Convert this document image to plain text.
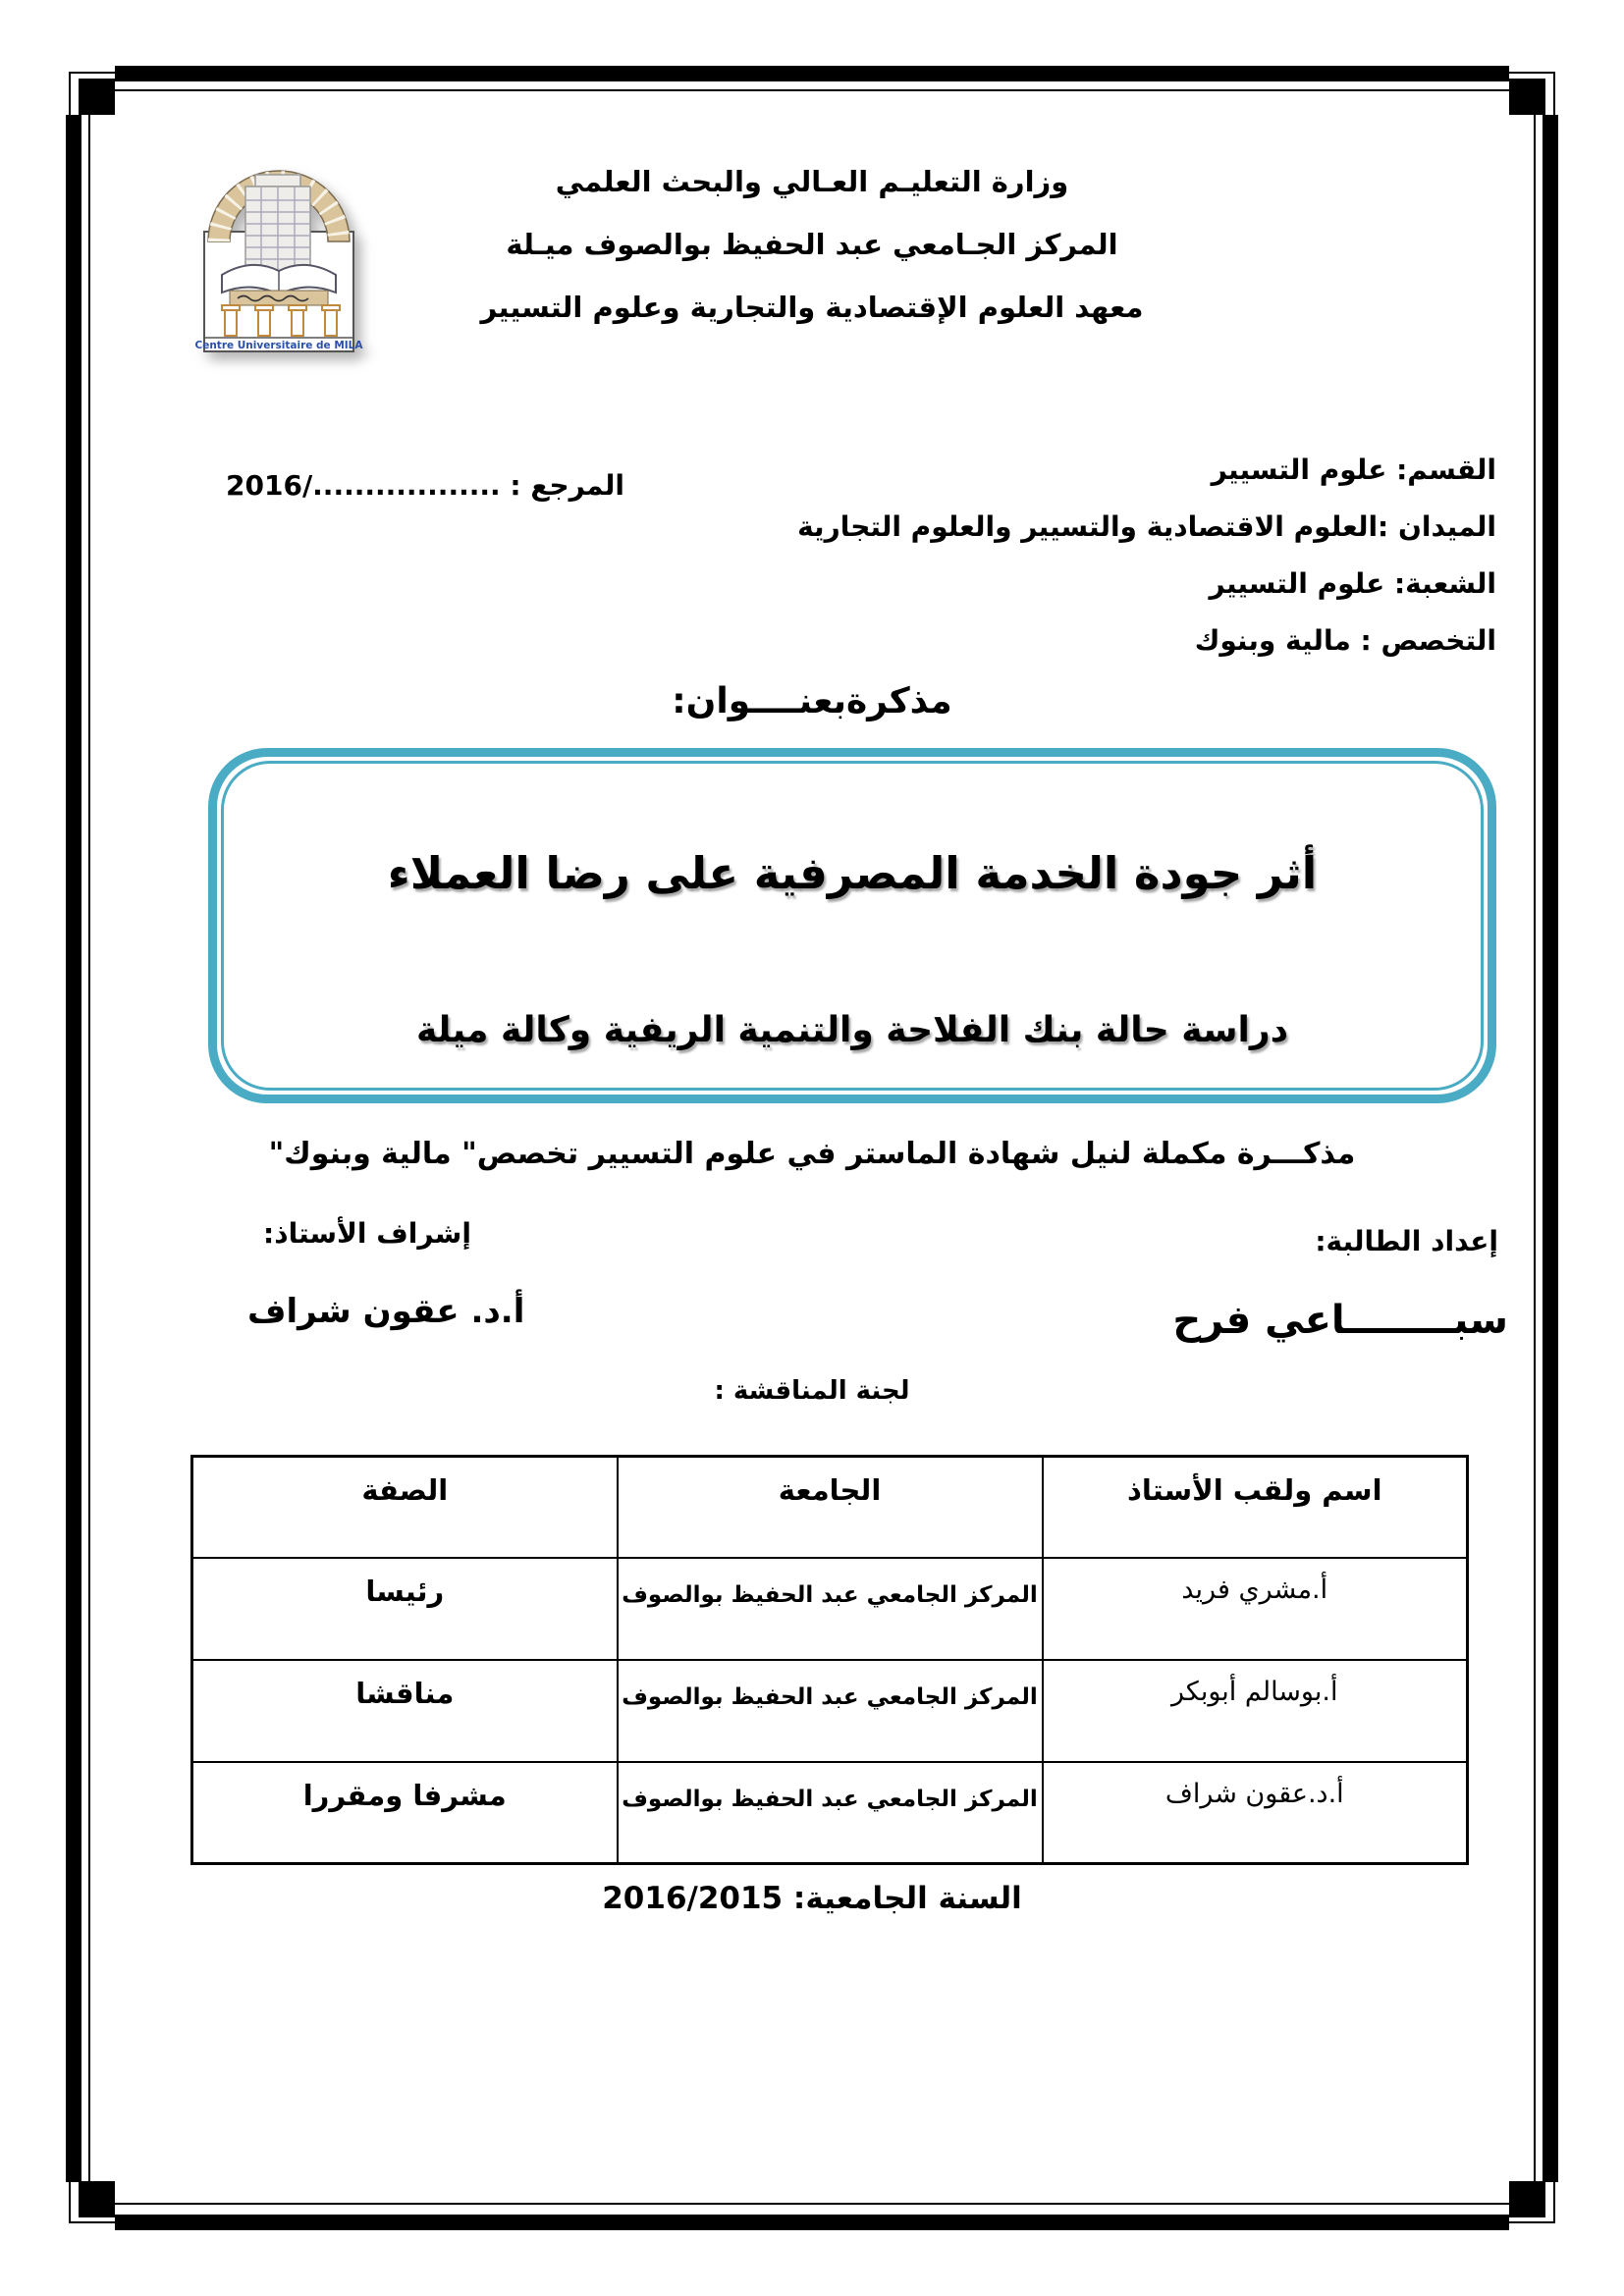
Centre Universitaire de MILA
وزارة التعليـم العـالي والبحث العلمي
المركز الجـامعي عبد الحفيظ بوالصوف ميـلة
معهد العلوم الإقتصادية والتجارية وعلوم التسيير
القسم: علوم التسيير
الميدان :العلوم الاقتصادية والتسيير والعلوم التجارية
الشعبة: علوم التسيير
التخصص : مالية وبنوك
المرجع : ................../2016
مذكرةبعنــــوان:
أثر جودة الخدمة المصرفية على رضا العملاء
دراسة حالة بنك الفلاحة والتنمية الريفية وكالة ميلة
مذكـــرة مكملة لنيل شهادة الماستر في علوم التسيير تخصص" مالية وبنوك"
إعداد الطالبة:
إشراف الأستاذ:
سبــــــــاعي فرح
أ.د. عقون شراف
لجنة المناقشة :
اسم ولقب الأستاذ	الجامعة	الصفة
أ.مشري فريد	المركز الجامعي عبد الحفيظ بوالصوف	رئيسا
أ.بوسالم أبوبكر	المركز الجامعي عبد الحفيظ بوالصوف	مناقشا
أ.د.عقون شراف	المركز الجامعي عبد الحفيظ بوالصوف	مشرفا ومقررا
السنة الجامعية: 2016/2015
